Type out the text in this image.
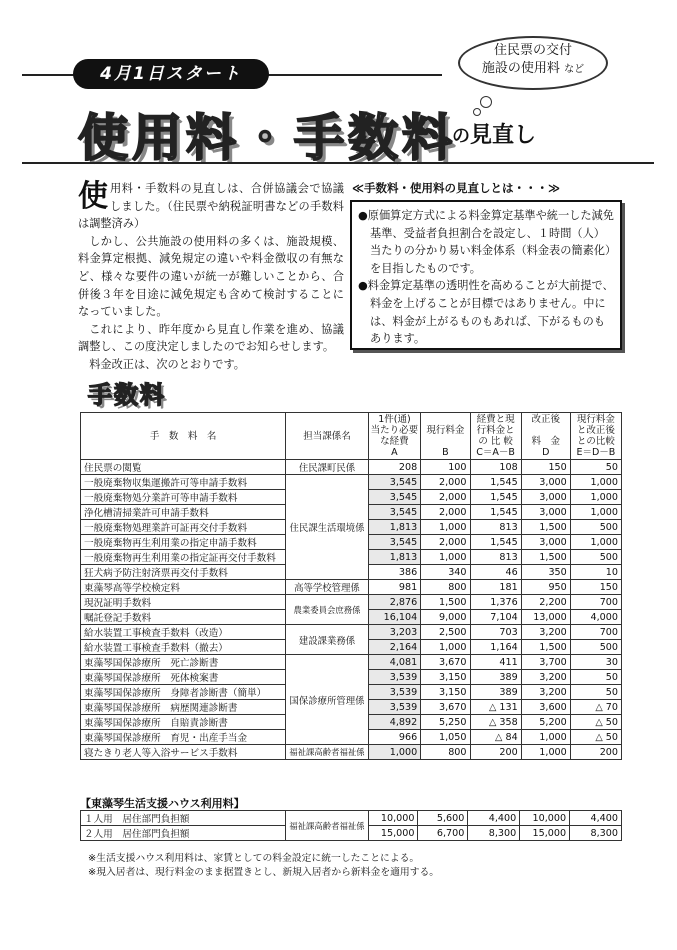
4月1日スタート
住民票の交付
施設の使用料 など
使用料・手数料
の見直し
使 用料・手数料の見直しは、合併協議会で協議しました。（住民票や納税証明書などの手数料は調整済み）

しかし、公共施設の使用料の多くは、施設規模、料金算定根拠、減免規定の違いや料金徴収の有無など、様々な要件の違いが統一が難しいことから、合併後３年を目途に減免規定も含めて検討することになっていました。

これにより、昨年度から見直し作業を進め、協議調整し、この度決定しましたのでお知らせします。

料金改正は、次のとおりです。

≪手数料・使用料の見直しとは・・・≫
●原価算定方式による料金算定基準や統一した減免基準、受益者負担割合を設定し、１時間（人）当たりの分かり易い料金体系（料金表の簡素化）を目指したものです。
●料金算定基準の透明性を高めることが大前提で、料金を上げることが目標ではありません。中には、料金が上がるものもあれば、下がるものもあります。
手数料
手　数　料　名	担当課係名	1件(通)
当たり必要
な経費
A	現行料金

B	経費と現
行料金と
の 比 較
C＝A－B	改正後

料　金
D	現行料金
と改正後
との比較
E＝D－B
住民票の閲覧	住民課町民係	208	100	108	150	50
一般廃棄物収集運搬許可等申請手数料	住民課生活環境係	3,545	2,000	1,545	3,000	1,000
一般廃棄物処分業許可等申請手数料		3,545	2,000	1,545	3,000	1,000
浄化槽清掃業許可申請手数料		3,545	2,000	1,545	3,000	1,000
一般廃棄物処理業許可証再交付手数料		1,813	1,000	813	1,500	500
一般廃棄物再生利用業の指定申請手数料		3,545	2,000	1,545	3,000	1,000
一般廃棄物再生利用業の指定証再交付手数料		1,813	1,000	813	1,500	500
狂犬病予防注射済票再交付手数料		386	340	46	350	10
東藻琴高等学校検定料	高等学校管理係	981	800	181	950	150
現況証明手数料	農業委員会庶務係	2,876	1,500	1,376	2,200	700
嘱託登記手数料		16,104	9,000	7,104	13,000	4,000
給水装置工事検査手数料（改造）	建設課業務係	3,203	2,500	703	3,200	700
給水装置工事検査手数料（撤去）		2,164	1,000	1,164	1,500	500
東藻琴国保診療所　死亡診断書	国保診療所管理係	4,081	3,670	411	3,700	30
東藻琴国保診療所　死体検案書		3,539	3,150	389	3,200	50
東藻琴国保診療所　身障者診断書（簡単）		3,539	3,150	389	3,200	50
東藻琴国保診療所　病歴関連診断書		3,539	3,670	△ 131	3,600	△ 70
東藻琴国保診療所　自賠責診断書		4,892	5,250	△ 358	5,200	△ 50
東藻琴国保診療所　育児・出産手当金		966	1,050	△ 84	1,000	△ 50
寝たきり老人等入浴サービス手数料	福祉課高齢者福祉係	1,000	800	200	1,000	200
【東藻琴生活支援ハウス利用料】
１人用　居住部門負担額	福祉課高齢者福祉係	10,000	5,600	4,400	10,000	4,400
２人用　居住部門負担額		15,000	6,700	8,300	15,000	8,300
※生活支援ハウス利用料は、家賃としての料金設定に統一したことによる。
※現入居者は、現行料金のまま据置きとし、新規入居者から新料金を適用する。
